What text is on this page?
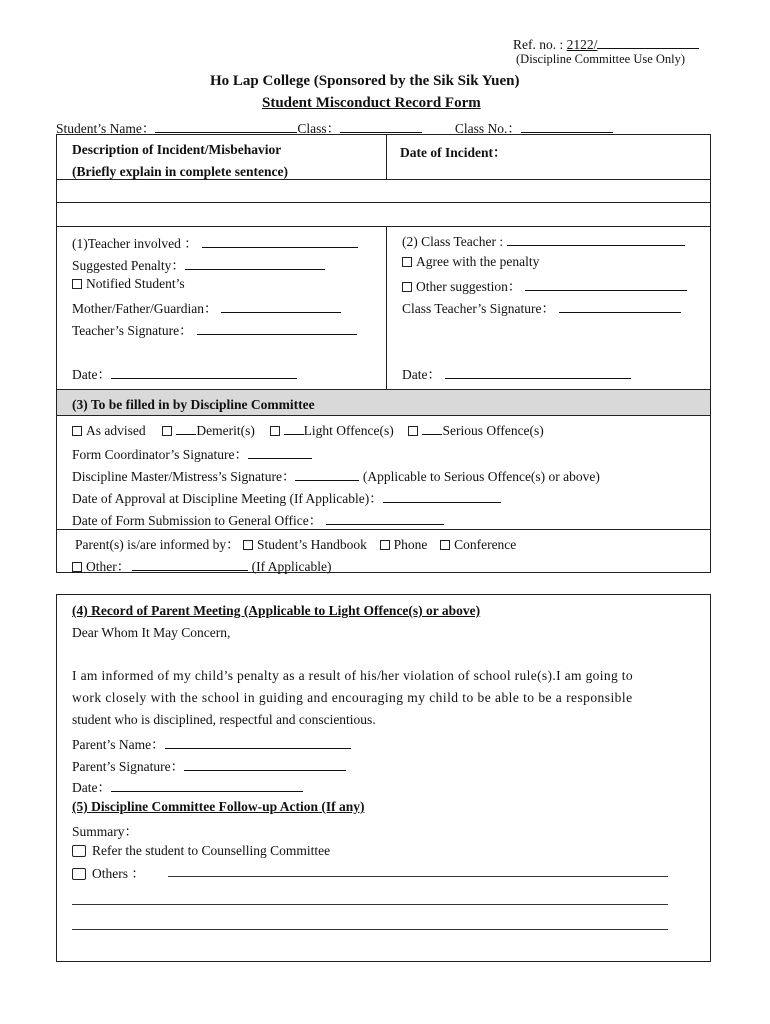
Ref. no. : 2122/
(Discipline Committee Use Only)
Ho Lap College (Sponsored by the Sik Sik Yuen)
Student Misconduct Record Form
Student’s Name：	Class：	Class No.：
Description of Incident/Misbehavior
(Briefly explain in complete sentence)
Date of Incident：
(1)Teacher involved ：
Suggested Penalty：
Notified Student’s
Mother/Father/Guardian：
Teacher’s Signature：
Date：
(2) Class Teacher :
Agree with the penalty
Other suggestion：
Class Teacher’s Signature：
Date：
(3) To be filled in by Discipline Committee
As advised	Demerit(s)	Light Offence(s)	Serious Offence(s)
Form Coordinator’s Signature：
Discipline Master/Mistress’s Signature：	(Applicable to Serious Offence(s) or above)
Date of Approval at Discipline Meeting (If Applicable)：
Date of Form Submission to General Office：
Parent(s) is/are informed by： Student’s Handbook Phone Conference
Other：	(If Applicable)
(4) Record of Parent Meeting (Applicable to Light Offence(s) or above)
Dear Whom It May Concern,
I am informed of my child’s penalty as a result of his/her violation of school rule(s).I am going to
work closely with the school in guiding and encouraging my child to be able to be a responsible
student who is disciplined, respectful and conscientious.
Parent’s Name：
Parent’s Signature：
Date：
(5) Discipline Committee Follow-up Action (If any)
Summary：
Refer the student to Counselling Committee
Others ：
